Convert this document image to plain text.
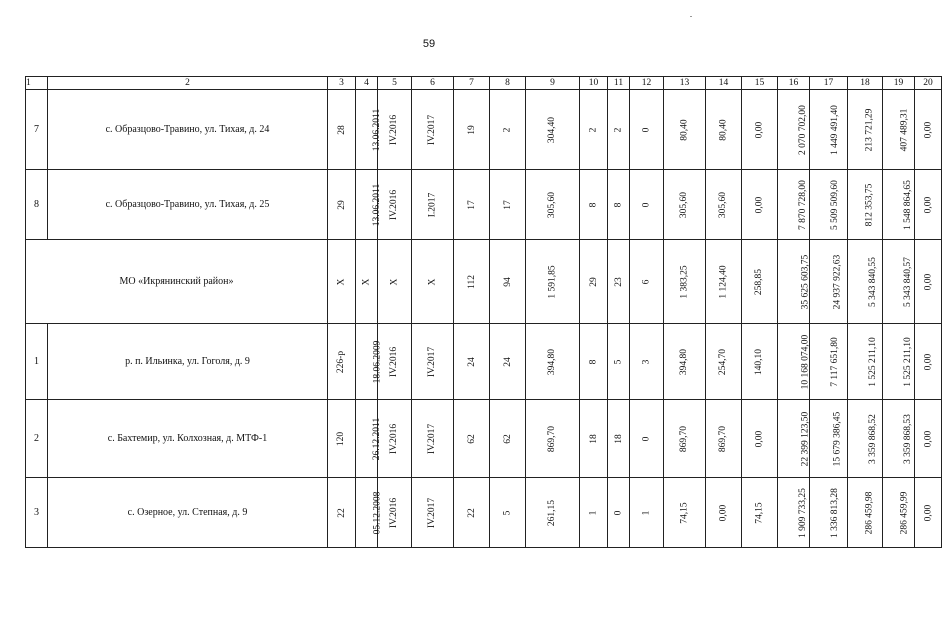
59
1	2	3	4	5	6	7	8	9	10	11	12	13	14	15	16	17	18	19	20
7	с. Образцово-Травино, ул. Тихая, д. 24	28	13.06.2011	IV.2016	IV.2017	19	2	304,40	2	2	0	80,40	80,40	0,00	2 070 702,00	1 449 491,40	213 721,29	407 489,31	0,00
8	с. Образцово-Травино, ул. Тихая, д. 25	29	13.06.2011	IV.2016	I.2017	17	17	305,60	8	8	0	305,60	305,60	0,00	7 870 728,00	5 509 509,60	812 353,75	1 548 864,65	0,00
МО «Икрянинский район»		X	X	X	X	112	94	1 591,85	29	23	6	1 383,25	1 124,40	258,85	35 625 603,75	24 937 922,63	5 343 840,55	5 343 840,57	0,00
1	р. п. Ильинка, ул. Гоголя, д. 9	226-р	18.06.2009	IV.2016	IV.2017	24	24	394,80	8	5	3	394,80	254,70	140,10	10 168 074,00	7 117 651,80	1 525 211,10	1 525 211,10	0,00
2	с. Бахтемир, ул. Колхозная, д. МТФ-1	120	26.12.2011	IV.2016	IV.2017	62	62	869,70	18	18	0	869,70	869,70	0,00	22 399 123,50	15 679 386,45	3 359 868,52	3 359 868,53	0,00
3	с. Озерное, ул. Степная, д. 9	22	05.12.2008	IV.2016	IV.2017	22	5	261,15	1	0	1	74,15	0,00	74,15	1 909 733,25	1 336 813,28	286 459,98	286 459,99	0,00
